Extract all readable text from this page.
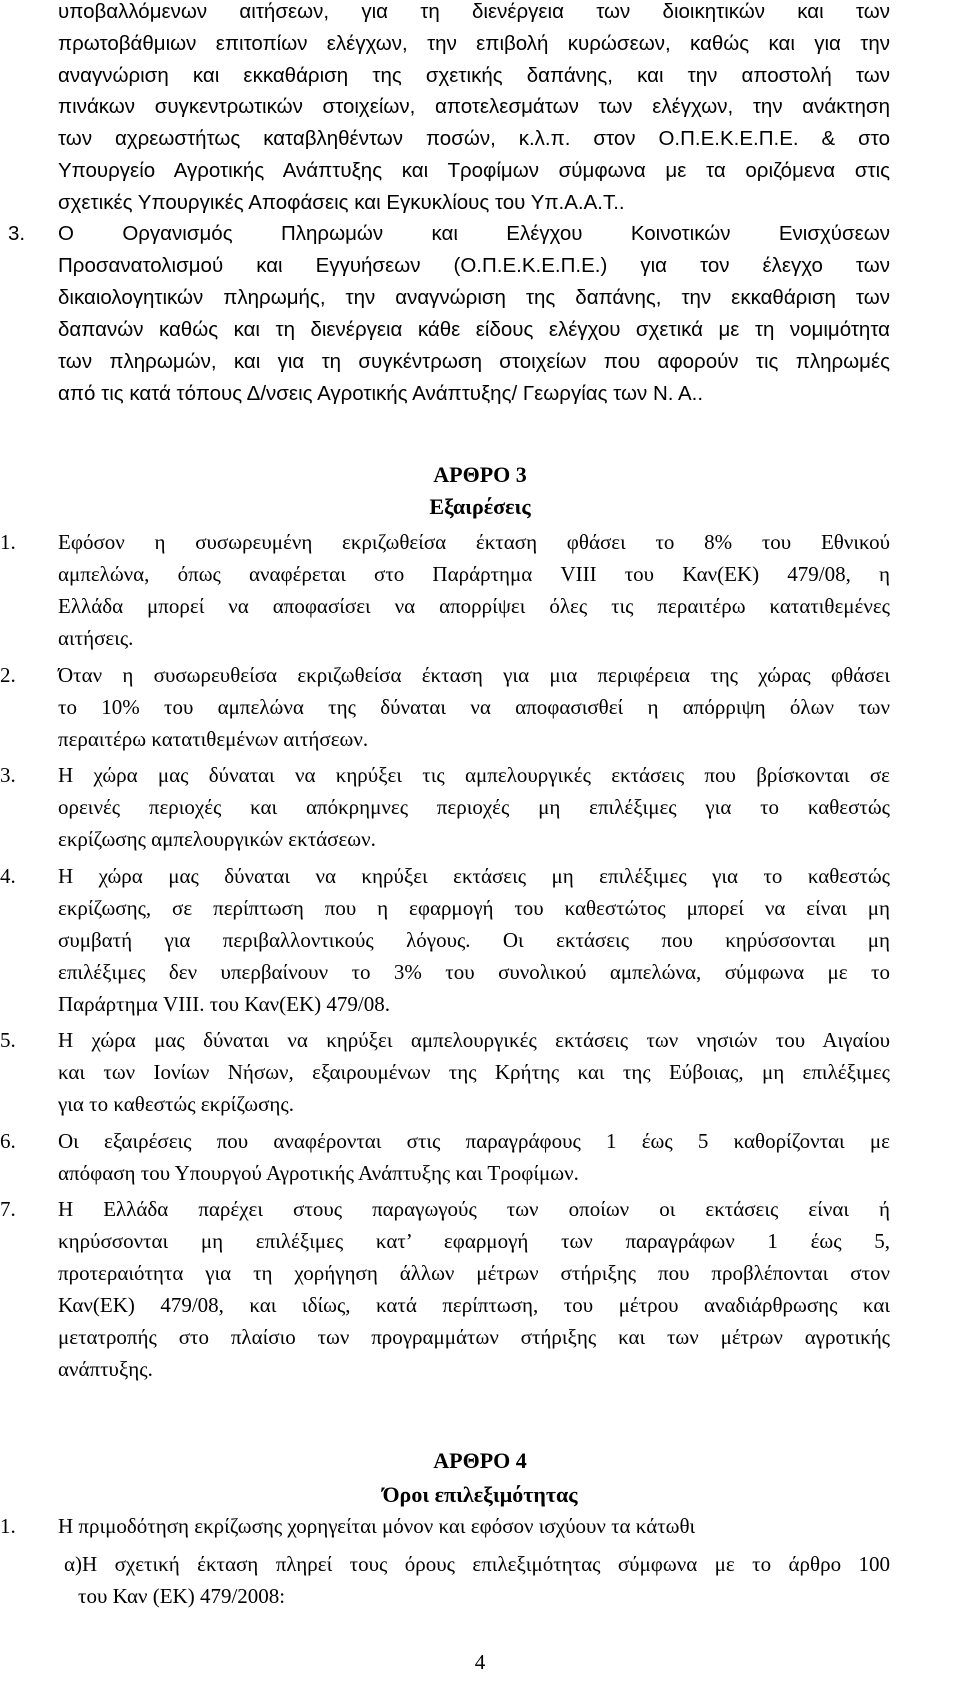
υποβαλλόμενων αιτήσεων, για τη διενέργεια των διοικητικών και των

πρωτοβάθμιων επιτοπίων ελέγχων, την επιβολή κυρώσεων, καθώς και για την

αναγνώριση και εκκαθάριση της σχετικής δαπάνης, και την αποστολή των

πινάκων συγκεντρωτικών στοιχείων, αποτελεσμάτων των ελέγχων, την ανάκτηση

των αχρεωστήτως καταβληθέντων ποσών, κ.λ.π. στον Ο.Π.Ε.Κ.Ε.Π.Ε. & στο

Υπουργείο Αγροτικής Ανάπτυξης και Τροφίμων σύμφωνα με τα οριζόμενα στις

σχετικές Υπουργικές Αποφάσεις και Εγκυκλίους του Υπ.Α.Α.Τ..

3. Ο Οργανισμός Πληρωμών και Ελέγχου Κοινοτικών Ενισχύσεων

Προσανατολισμού και Εγγυήσεων (Ο.Π.Ε.Κ.Ε.Π.Ε.) για τον έλεγχο των

δικαιολογητικών πληρωμής, την αναγνώριση της δαπάνης, την εκκαθάριση των

δαπανών καθώς και τη διενέργεια κάθε είδους ελέγχου σχετικά με τη νομιμότητα

των πληρωμών, και για τη συγκέντρωση στοιχείων που αφορούν τις πληρωμές

από τις κατά τόπους Δ/νσεις Αγροτικής Ανάπτυξης/ Γεωργίας των Ν. Α..

ΑΡΘΡΟ 3

Εξαιρέσεις

1. Εφόσον η συσωρευμένη εκριζωθείσα έκταση φθάσει το 8% του Εθνικού

αμπελώνα, όπως αναφέρεται στο Παράρτημα VIII του Καν(ΕΚ) 479/08, η

Ελλάδα μπορεί να αποφασίσει να απορρίψει όλες τις περαιτέρω κατατιθεμένες

αιτήσεις.

2. Όταν η συσωρευθείσα εκριζωθείσα έκταση για μια περιφέρεια της χώρας φθάσει

το 10% του αμπελώνα της δύναται να αποφασισθεί η απόρριψη όλων των

περαιτέρω κατατιθεμένων αιτήσεων.

3. Η χώρα μας δύναται να κηρύξει τις αμπελουργικές εκτάσεις που βρίσκονται σε

ορεινές περιοχές και απόκρημνες περιοχές μη επιλέξιμες για το καθεστώς

εκρίζωσης αμπελουργικών εκτάσεων.

4. Η χώρα μας δύναται να κηρύξει εκτάσεις μη επιλέξιμες για το καθεστώς

εκρίζωσης, σε περίπτωση που η εφαρμογή του καθεστώτος μπορεί να είναι μη

συμβατή για περιβαλλοντικούς λόγους. Οι εκτάσεις που κηρύσσονται μη

επιλέξιμες δεν υπερβαίνουν το 3% του συνολικού αμπελώνα, σύμφωνα με το

Παράρτημα VIII. του Καν(ΕΚ) 479/08.

5. Η χώρα μας δύναται να κηρύξει αμπελουργικές εκτάσεις των νησιών του Αιγαίου

και των Ιονίων Νήσων, εξαιρουμένων της Κρήτης και της Εύβοιας, μη επιλέξιμες

για το καθεστώς εκρίζωσης.

6. Οι εξαιρέσεις που αναφέρονται στις παραγράφους 1 έως 5 καθορίζονται με

απόφαση του Υπουργού Αγροτικής Ανάπτυξης και Τροφίμων.

7. Η Ελλάδα παρέχει στους παραγωγούς των οποίων οι εκτάσεις είναι ή

κηρύσσονται μη επιλέξιμες κατ’ εφαρμογή των παραγράφων 1 έως 5,

προτεραιότητα για τη χορήγηση άλλων μέτρων στήριξης που προβλέπονται στον

Καν(ΕΚ) 479/08, και ιδίως, κατά περίπτωση, του μέτρου αναδιάρθρωσης και

μετατροπής στο πλαίσιο των προγραμμάτων στήριξης και των μέτρων αγροτικής

ανάπτυξης.

ΑΡΘΡΟ 4

Όροι επιλεξιμότητας

1. Η πριμοδότηση εκρίζωσης χορηγείται μόνον και εφόσον ισχύουν τα κάτωθι

α)Η σχετική έκταση πληρεί τους όρους επιλεξιμότητας σύμφωνα με το άρθρο 100

του Καν (ΕΚ) 479/2008:

4
